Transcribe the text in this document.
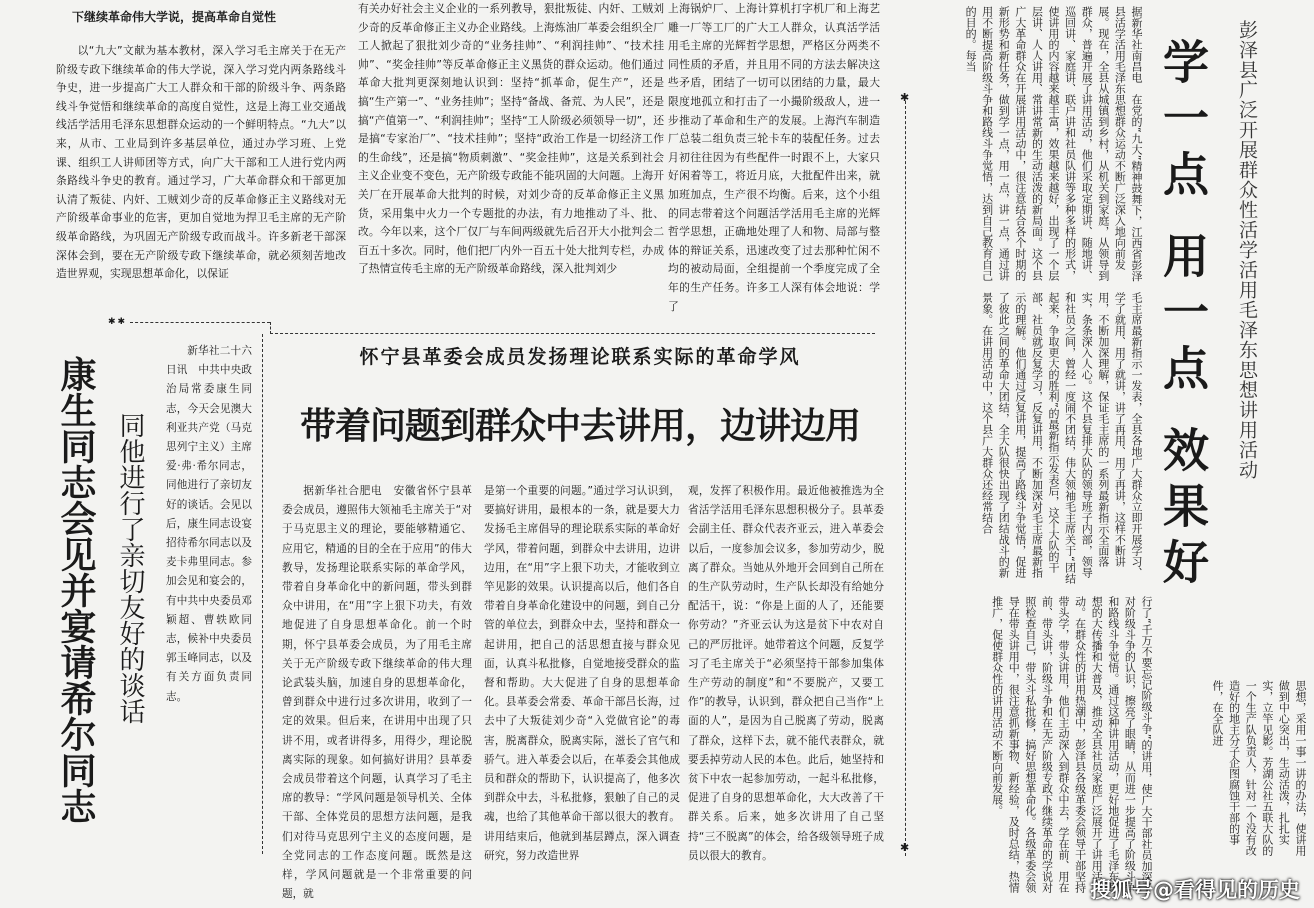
下继续革命伟大学说，提高革命自觉性
以“九大”文献为基本教材，深入学习毛主席关于在无产阶级专政下继续革命的伟大学说，深入学习党内两条路线斗争史，进一步提高广大工人群众和干部的阶级斗争、两条路线斗争觉悟和继续革命的高度自觉性，这是上海工业交通战线活学活用毛泽东思想群众运动的一个鲜明特点。“九大”以来，从市、工业局到许多基层单位，通过办学习班、上党课、组织工人讲师团等方式，向广大干部和工人进行党内两条路线斗争史的教育。通过学习，广大革命群众和干部更加认清了叛徒、内奸、工贼刘少奇的反革命修正主义路线对无产阶级革命事业的危害，更加自觉地为捍卫毛主席的无产阶级革命路线，为巩固无产阶级专政而战斗。许多新老干部深深体会到，要在无产阶级专政下继续革命，就必须刻苦地改造世界观，实现思想革命化，以保证
有关办好社会主义企业的一系列教导，狠批叛徒、内奸、工贼刘少奇的反革命修正主义办企业路线。上海炼油厂革委会组织全厂工人掀起了狠批刘少奇的“业务挂帅”、“利润挂帅”、“技术挂帅”、“奖金挂帅”等反革命修正主义黑货的群众运动。他们通过革命大批判更深刻地认识到：坚持“抓革命，促生产”，还是搞“生产第一”、“业务挂帅”；坚持“备战、备荒、为人民”，还是搞“产值第一”、“利润挂帅”；坚持“工人阶级必须领导一切”，还是搞“专家治厂”、“技术挂帅”；坚持“政治工作是一切经济工作的生命线”，还是搞“物质刺激”、“奖金挂帅”，这是关系到社会主义企业变不变色，无产阶级专政能不能巩固的大问题。上海开关厂在开展革命大批判的时候，对刘少奇的反革命修正主义黑货，采用集中火力一个专题批的办法，有力地推动了斗、批、改。今年以来，这个厂仅厂与车间两级就先后召开大小批判会二百五十多次。同时，他们把厂内外一百五十处大批判专栏，办成了热情宣传毛主席的无产阶级革命路线，深入批判刘少
上海锅炉厂、上海计算机打字机厂和上海艺雕一厂等工厂的广大工人群众，认真活学活用毛主席的光辉哲学思想，严格区分两类不同性质的矛盾，并且用不同的方法去解决这些矛盾，团结了一切可以团结的力量，最大限度地孤立和打击了一小撮阶级敌人，进一步推动了革命和生产的发展。上海汽车制造厂总装二组负责三轮卡车的装配任务。过去月初往往因为有些配件一时跟不上，大家只好闲着等工，将近月底，大批配件出来，就加班加点，生产很不均衡。后来，这个小组的同志带着这个问题活学活用毛主席的光辉哲学思想，正确地处理了人和物、局部与整体的辩证关系，迅速改变了过去那种忙闲不均的被动局面，全组提前一个季度完成了全年的生产任务。许多工人深有体会地说：学了	彭泽县广泛开展群众性活学活用毛泽东思想讲用活动
学一点 用一点 效果好
据新华社南昌电　在党的“九大”精神鼓舞下，江西省彭泽县活学活用毛泽东思想群众运动不断广泛深入地向前发展。现在，全县从城镇到乡村，从机关到家庭，从领导到群众，普遍开展了讲用活动，他们采取定期讲、随地讲、巡回讲、家庭讲、联户讲和社员队讲等多种多样的形式，使讲用的内容越来越丰富，效果越来越好，出现了一个层层讲、人人讲用、常讲常新的生动活泼的新局面。这个县广大革命群众在开展讲用活动中，很注意结合各个时期的新形势和新任务，做到学一点，用一点，讲一点，通过讲用不断提高阶级斗争和路线斗争觉悟，达到自己教育自己的目的。每当
毛主席最新指示一发表，全县各地广大群众立即开展学习、学了就用、用了就讲，讲了再用、用了再讲，这样不断讲用，不断加深理解，保证毛主席的一系列最新指示全面落实，条条深入人心。这个县复排大队的领导班子内部，领导和社员之间，曾经一度闹不团结，伟大领袖毛主席关于“团结起来，争取更大的胜利”的最新指示发表后，这个大队的干部、社员就反复学习，反复讲用，不断加深对毛主席最新指示的理解。他们通过反复讲用，提高了路线斗争觉悟，促进了彼此之间的革命大团结，全大队很快出现了团结战斗的新景象。在讲用活动中，这个县广大群众还经常结合
行了“千万不要忘记阶级斗争”的讲用，使广大干部社员加深了对阶级斗争的认识，擦亮了眼睛，从而进一步提高了阶级斗争和路线斗争觉悟。通过这种讲用活动，更好地促进了毛泽东思想的大传播和大普及，推动全县社员家庭广泛展开了讲用活动。在群众性的讲用热潮中，彭泽县各级革委会领导干部坚持带头学，带头讲用，他们主动深入到群众中去，学在前、用在前、带头讲，阶级斗争和在无产阶级专政下继续革命的学说对照检查自己，带头斗私批修，搞好思想革命化。各级革委会领导在带头讲用中，很注意抓新事物、新经验，及时总结，热情推广，促使群众性的讲用活动不断向前发展。	思想，采用一事一讲的办法，使讲用做到中心突出，生动活泼，扎扎实实，立竿见影。芳湖公社五联大队的一个生产队负责人，针对一个没有改造好的地主分子企图腐蚀干部的事件，在全队进
✱
✱
✱✱
怀宁县革委会成员发扬理论联系实际的革命学风
带着问题到群众中去讲用，边讲边用
据新华社合肥电　安徽省怀宁县革委会成员，遵照伟大领袖毛主席关于“对于马克思主义的理论，要能够精通它、应用它，精通的目的全在于应用”的伟大教导，发扬理论联系实际的革命学风，带着自身革命化中的新问题，带头到群众中讲用，在“用”字上狠下功夫，有效地促进了自身思想革命化。前一个时期，怀宁县革委会成员，为了用毛主席关于无产阶级专政下继续革命的伟大理论武装头脑，加速自身的思想革命化，曾到群众中进行过多次讲用，收到了一定的效果。但后来，在讲用中出现了只讲不用，或者讲得多，用得少，理论脱离实际的现象。如何搞好讲用？县革委会成员带着这个问题，认真学习了毛主席的教导：“学风问题是领导机关、全体干部、全体党员的思想方法问题，是我们对待马克思列宁主义的态度问题，是全党同志的工作态度问题。既然是这样，学风问题就是一个非常重要的问题，就
是第一个重要的问题。”通过学习认识到，要搞好讲用，最根本的一条，就是要大力发扬毛主席倡导的理论联系实际的革命好学风，带着问题，到群众中去讲用，边讲边用，在“用”字上狠下功夫，才能收到立竿见影的效果。认识提高以后，他们各自带着自身革命化建设中的问题，到自己分管的单位去，到群众中去，坚持和群众一起讲用，把自己的活思想直接与群众见面，认真斗私批修，自觉地接受群众的监督和帮助。大大促进了自身的思想革命化。县革委会常委、革命干部吕长海，过去中了大叛徒刘少奇“入党做官论”的毒害，脱离群众，脱离实际，滋长了官气和骄气。进入革委会以后，在革委会其他成员和群众的帮助下，认识提高了，他多次到群众中去，斗私批修，狠触了自己的灵魂，也给了其他革命干部以很大的教育。讲用结束后，他就到基层蹲点，深入调查研究，努力改造世界
观，发挥了积极作用。最近他被推选为全省活学活用毛泽东思想积极分子。县革委会副主任、群众代表齐亚云，进入革委会以后，一度参加会议多，参加劳动少，脱离了群众。当她从外地开会回到自己所在的生产队劳动时，生产队长却没有给她分配活干，说：“你是上面的人了，还能要你劳动？”齐亚云认为这是贫下中农对自己的严厉批评。她带着这个问题，反复学习了毛主席关于“必须坚持干部参加集体生产劳动的制度”和“不要脱产，又要工作”的教导，认识到，群众把自己当作“上面的人”，是因为自己脱离了劳动，脱离了群众，这样下去，就不能代表群众，就要丢掉劳动人民的本色。此后，她坚持和贫下中农一起参加劳动，一起斗私批修，促进了自身的思想革命化，大大改善了干群关系。后来，她多次讲用了自己坚持“三不脱离”的体会，给各级领导班子成员以很大的教育。
康生同志会见并宴请希尔同志 同他进行了亲切友好的谈话
新华社二十六日讯　中共中央政治局常委康生同志，今天会见澳大利亚共产党（马克思列宁主义）主席爱·弗·希尔同志，同他进行了亲切友好的谈话。会见以后，康生同志设宴招待希尔同志以及麦卡弗里同志。参加会见和宴会的，有中共中央委员邓颖超、曹轶欧同志，候补中央委员郭玉峰同志，以及有关方面负责同志。
搜狐号@看得见的历史
